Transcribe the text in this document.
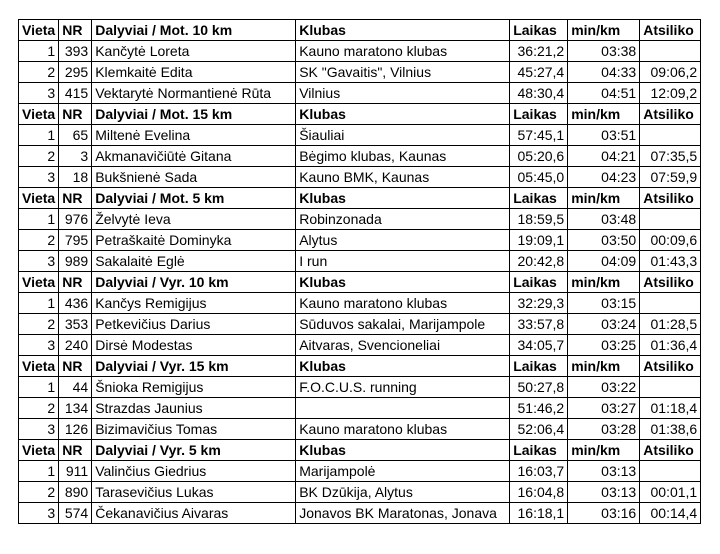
Vieta	NR	Dalyviai / Mot. 10 km	Klubas	Laikas	min/km	Atsiliko
1	393	Kančytė Loreta	Kauno maratono klubas	36:21,2	03:38	
2	295	Klemkaitė Edita	SK "Gavaitis", Vilnius	45:27,4	04:33	09:06,2
3	415	Vektarytė Normantienė Rūta	Vilnius	48:30,4	04:51	12:09,2
Vieta	NR	Dalyviai / Mot. 15 km	Klubas	Laikas	min/km	Atsiliko
1	65	Miltenė Evelina	Šiauliai	57:45,1	03:51	
2	3	Akmanavičiūtė Gitana	Bėgimo klubas, Kaunas	05:20,6	04:21	07:35,5
3	18	Bukšnienė Sada	Kauno BMK, Kaunas	05:45,0	04:23	07:59,9
Vieta	NR	Dalyviai / Mot. 5 km	Klubas	Laikas	min/km	Atsiliko
1	976	Želvytė Ieva	Robinzonada	18:59,5	03:48	
2	795	Petraškaitė Dominyka	Alytus	19:09,1	03:50	00:09,6
3	989	Sakalaitė Eglė	I run	20:42,8	04:09	01:43,3
Vieta	NR	Dalyviai / Vyr. 10 km	Klubas	Laikas	min/km	Atsiliko
1	436	Kančys Remigijus	Kauno maratono klubas	32:29,3	03:15	
2	353	Petkevičius Darius	Sūduvos sakalai, Marijampole	33:57,8	03:24	01:28,5
3	240	Dirsė Modestas	Aitvaras, Svencioneliai	34:05,7	03:25	01:36,4
Vieta	NR	Dalyviai / Vyr. 15 km	Klubas	Laikas	min/km	Atsiliko
1	44	Šnioka Remigijus	F.O.C.U.S. running	50:27,8	03:22	
2	134	Strazdas Jaunius		51:46,2	03:27	01:18,4
3	126	Bizimavičius Tomas	Kauno maratono klubas	52:06,4	03:28	01:38,6
Vieta	NR	Dalyviai / Vyr. 5 km	Klubas	Laikas	min/km	Atsiliko
1	911	Valinčius Giedrius	Marijampolė	16:03,7	03:13	
2	890	Tarasevičius Lukas	BK Dzūkija, Alytus	16:04,8	03:13	00:01,1
3	574	Čekanavičius Aivaras	Jonavos BK Maratonas, Jonava	16:18,1	03:16	00:14,4
